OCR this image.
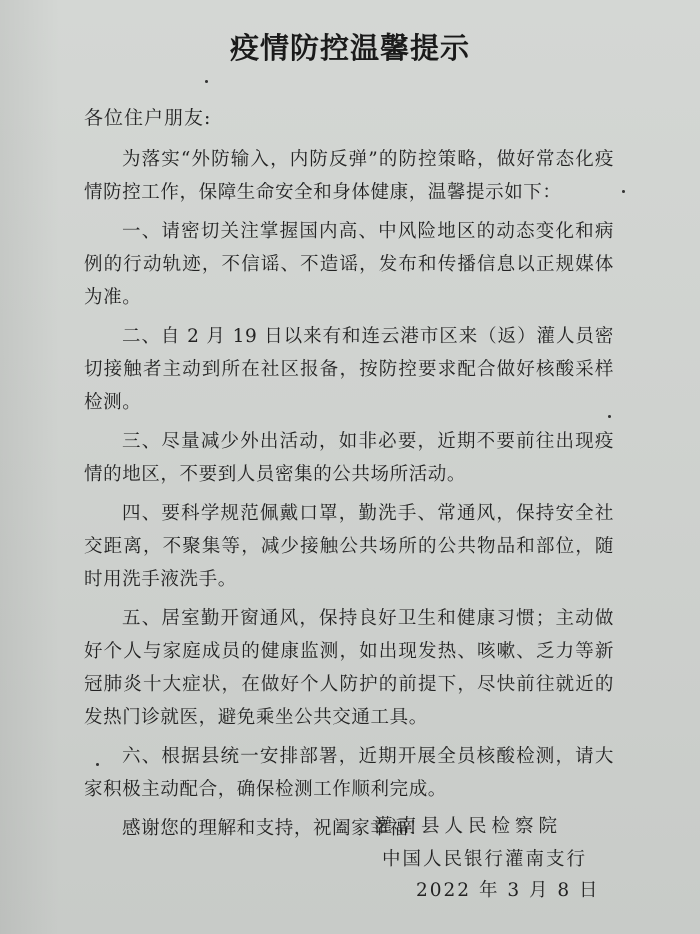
疫情防控温馨提示
各位住户朋友:

为落实“外防输入，内防反弹”的防控策略，做好常态化疫情防控工作，保障生命安全和身体健康，温馨提示如下：

一、请密切关注掌握国内高、中风险地区的动态变化和病例的行动轨迹，不信谣、不造谣，发布和传播信息以正规媒体为准。

二、自 2 月 19 日以来有和连云港市区来（返）灌人员密切接触者主动到所在社区报备，按防控要求配合做好核酸采样检测。

三、尽量减少外出活动，如非必要，近期不要前往出现疫情的地区，不要到人员密集的公共场所活动。

四、要科学规范佩戴口罩，勤洗手、常通风，保持安全社交距离，不聚集等，减少接触公共场所的公共物品和部位，随时用洗手液洗手。

五、居室勤开窗通风，保持良好卫生和健康习惯；主动做好个人与家庭成员的健康监测，如出现发热、咳嗽、乏力等新冠肺炎十大症状，在做好个人防护的前提下，尽快前往就近的发热门诊就医，避免乘坐公共交通工具。

六、根据县统一安排部署，近期开展全员核酸检测，请大家积极主动配合，确保检测工作顺利完成。

感谢您的理解和支持，祝阖家幸福！

灌南县人民检察院
中国人民银行灌南支行
2022 年 3 月 8 日
